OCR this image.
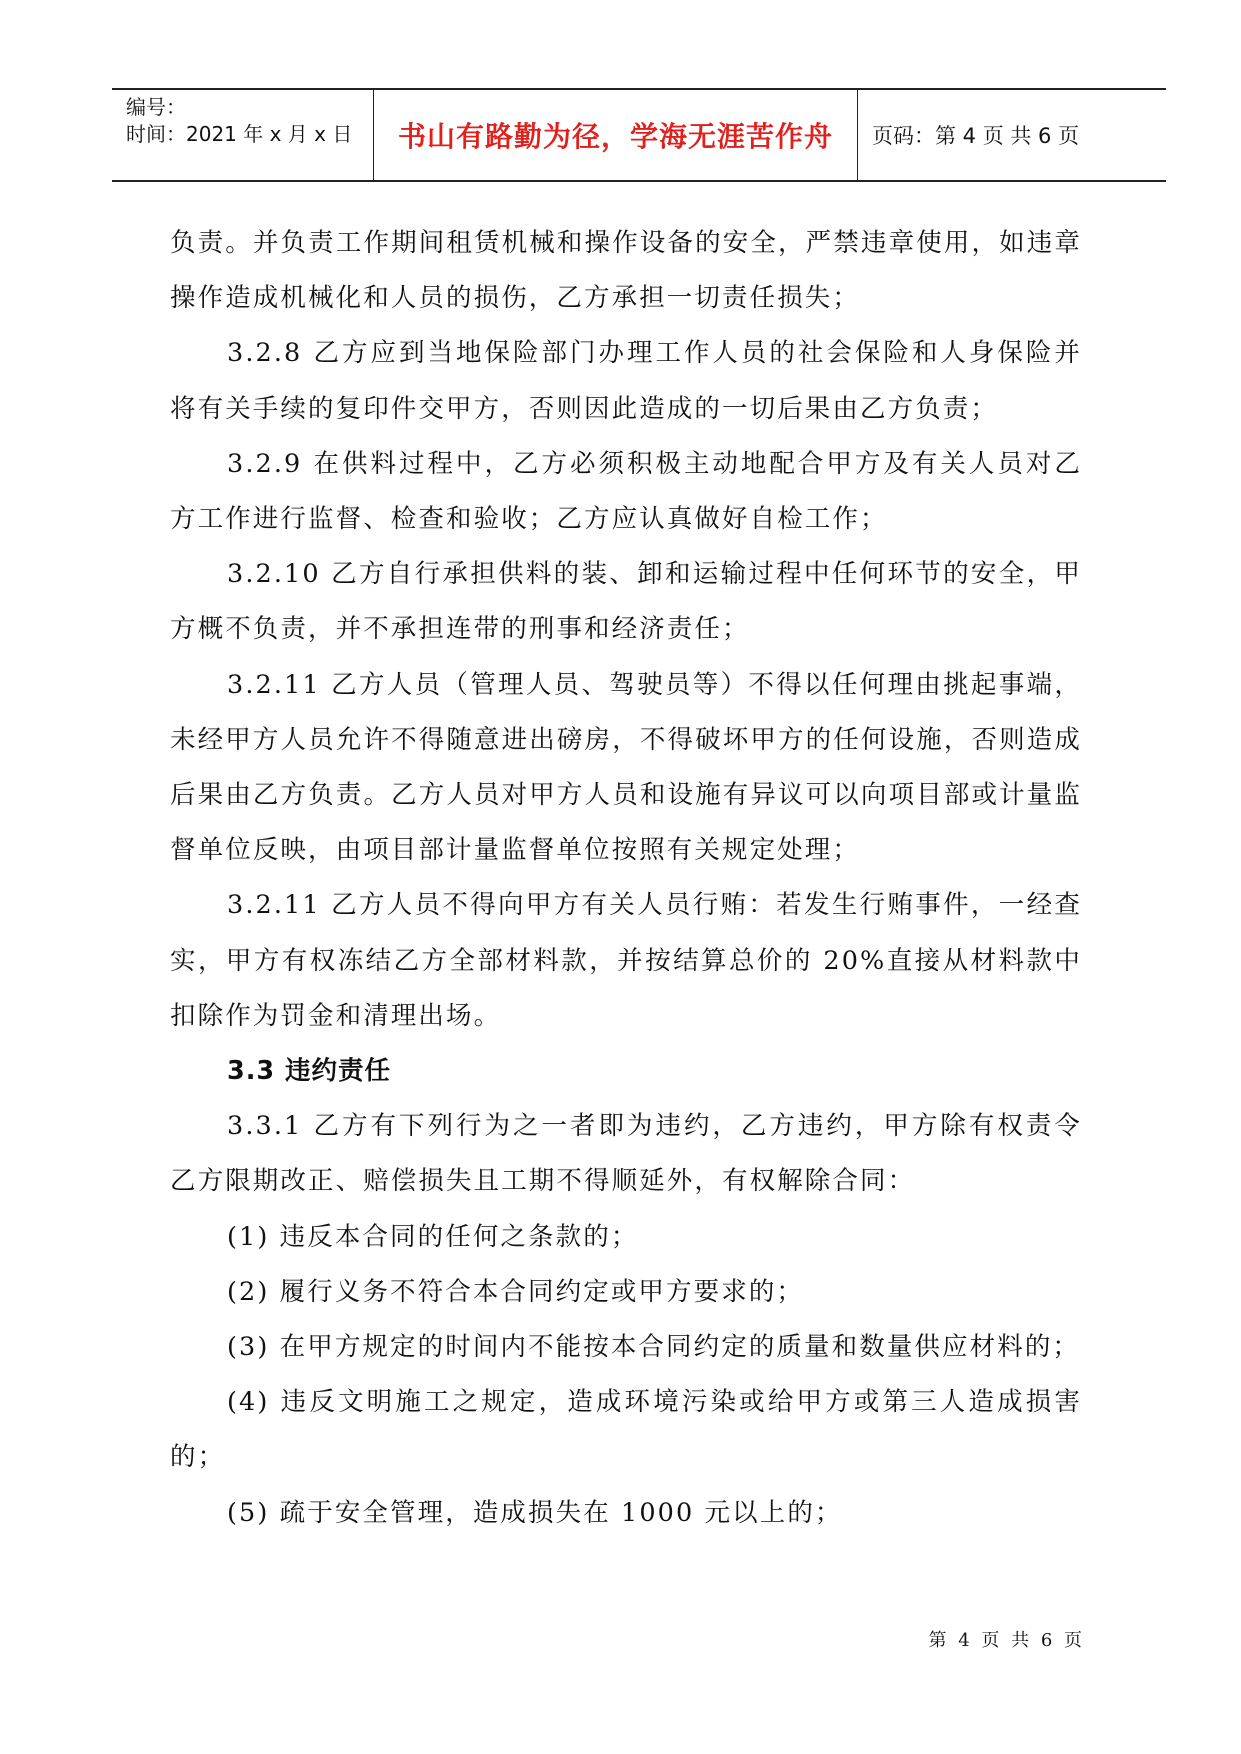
编号：
时间：2021 年 x 月 x 日	书山有路勤为径，学海无涯苦作舟	页码：第 4 页 共 6 页

负责。并负责工作期间租赁机械和操作设备的安全，严禁违章使用，如违章操作造成机械化和人员的损伤，乙方承担一切责任损失；

3.2.8 乙方应到当地保险部门办理工作人员的社会保险和人身保险并将有关手续的复印件交甲方，否则因此造成的一切后果由乙方负责；

3.2.9 在供料过程中，乙方必须积极主动地配合甲方及有关人员对乙方工作进行监督、检查和验收；乙方应认真做好自检工作；

3.2.10 乙方自行承担供料的装、卸和运输过程中任何环节的安全，甲方概不负责，并不承担连带的刑事和经济责任；

3.2.11 乙方人员（管理人员、驾驶员等）不得以任何理由挑起事端，未经甲方人员允许不得随意进出磅房，不得破坏甲方的任何设施，否则造成后果由乙方负责。乙方人员对甲方人员和设施有异议可以向项目部或计量监督单位反映，由项目部计量监督单位按照有关规定处理；

3.2.11 乙方人员不得向甲方有关人员行贿：若发生行贿事件，一经查实，甲方有权冻结乙方全部材料款，并按结算总价的 20%直接从材料款中扣除作为罚金和清理出场。

3.3 违约责任

3.3.1 乙方有下列行为之一者即为违约，乙方违约，甲方除有权责令乙方限期改正、赔偿损失且工期不得顺延外，有权解除合同：

(1) 违反本合同的任何之条款的；

(2) 履行义务不符合本合同约定或甲方要求的；

(3) 在甲方规定的时间内不能按本合同约定的质量和数量供应材料的；

(4) 违反文明施工之规定，造成环境污染或给甲方或第三人造成损害的；

(5) 疏于安全管理，造成损失在 1000 元以上的；

第 4 页 共 6 页
